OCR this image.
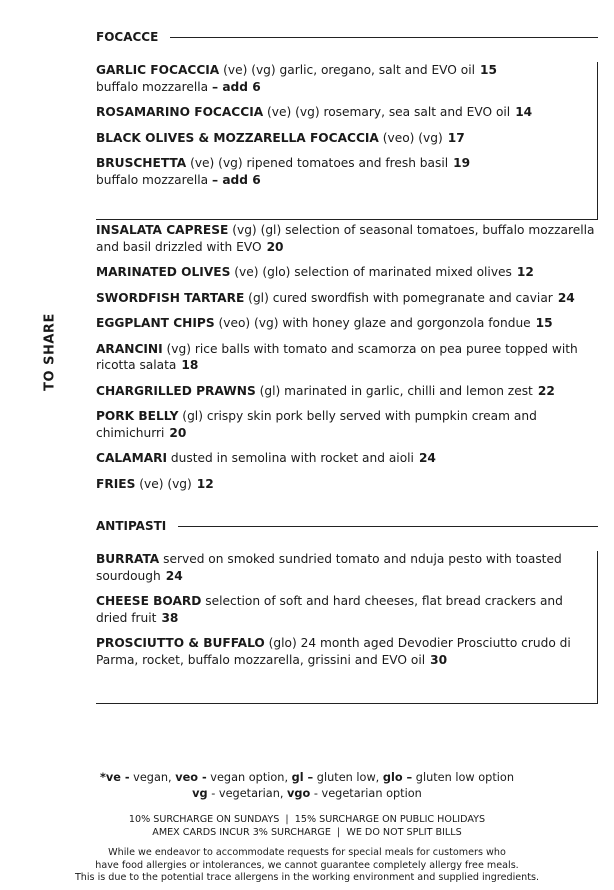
TO SHARE
FOCACCE
GARLIC FOCACCIA (ve) (vg) garlic, oregano, salt and EVO oil 15
buffalo mozzarella – add 6
ROSAMARINO FOCACCIA (ve) (vg) rosemary, sea salt and EVO oil 14
BLACK OLIVES & MOZZARELLA FOCACCIA (veo) (vg) 17
BRUSCHETTA (ve) (vg) ripened tomatoes and fresh basil 19
buffalo mozzarella – add 6
INSALATA CAPRESE (vg) (gl) selection of seasonal tomatoes, buffalo mozzarella and basil drizzled with EVO 20
MARINATED OLIVES (ve) (glo) selection of marinated mixed olives 12
SWORDFISH TARTARE (gl) cured swordfish with pomegranate and caviar 24
EGGPLANT CHIPS (veo) (vg) with honey glaze and gorgonzola fondue 15
ARANCINI (vg) rice balls with tomato and scamorza on pea puree topped with ricotta salata 18
CHARGRILLED PRAWNS (gl) marinated in garlic, chilli and lemon zest 22
PORK BELLY (gl) crispy skin pork belly served with pumpkin cream and chimichurri 20
CALAMARI dusted in semolina with rocket and aioli 24
FRIES (ve) (vg) 12
ANTIPASTI
BURRATA served on smoked sundried tomato and nduja pesto with toasted sourdough 24
CHEESE BOARD selection of soft and hard cheeses, flat bread crackers and dried fruit 38
PROSCIUTTO & BUFFALO (glo) 24 month aged Devodier Prosciutto crudo di Parma, rocket, buffalo mozzarella, grissini and EVO oil 30
*ve - vegan, veo - vegan option, gl – gluten low, glo – gluten low option
vg - vegetarian, vgo - vegetarian option
10% SURCHARGE ON SUNDAYS  |  15% SURCHARGE ON PUBLIC HOLIDAYS
AMEX CARDS INCUR 3% SURCHARGE  |  WE DO NOT SPLIT BILLS
While we endeavor to accommodate requests for special meals for customers who
have food allergies or intolerances, we cannot guarantee completely allergy free meals.
This is due to the potential trace allergens in the working environment and supplied ingredients.
